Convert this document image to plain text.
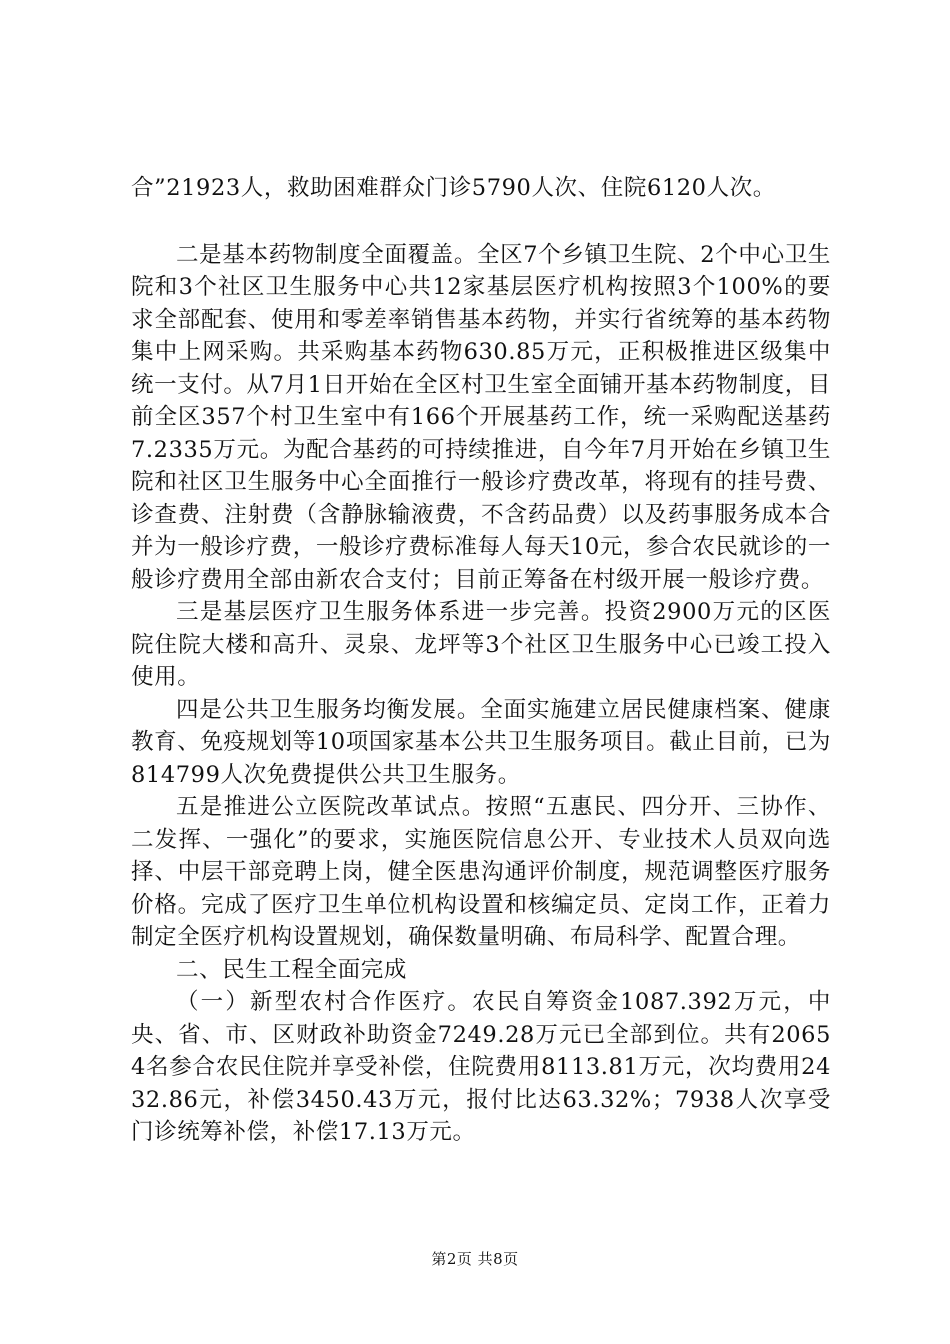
合”21923人，救助困难群众门诊5790人次、住院6120人次。

二是基本药物制度全面覆盖。全区7个乡镇卫生院、2个中心卫生院和3个社区卫生服务中心共12家基层医疗机构按照3个100%的要求全部配套、使用和零差率销售基本药物，并实行省统筹的基本药物集中上网采购。共采购基本药物630.85万元，正积极推进区级集中统一支付。从7月1日开始在全区村卫生室全面铺开基本药物制度，目前全区357个村卫生室中有166个开展基药工作，统一采购配送基药7.2335万元。为配合基药的可持续推进，自今年7月开始在乡镇卫生院和社区卫生服务中心全面推行一般诊疗费改革，将现有的挂号费、诊查费、注射费（含静脉输液费，不含药品费）以及药事服务成本合并为一般诊疗费，一般诊疗费标准每人每天10元，参合农民就诊的一般诊疗费用全部由新农合支付；目前正筹备在村级开展一般诊疗费。

三是基层医疗卫生服务体系进一步完善。投资2900万元的区医院住院大楼和高升、灵泉、龙坪等3个社区卫生服务中心已竣工投入使用。

四是公共卫生服务均衡发展。全面实施建立居民健康档案、健康教育、免疫规划等10项国家基本公共卫生服务项目。截止目前，已为814799人次免费提供公共卫生服务。

五是推进公立医院改革试点。按照“五惠民、四分开、三协作、二发挥、一强化”的要求，实施医院信息公开、专业技术人员双向选择、中层干部竞聘上岗，健全医患沟通评价制度，规范调整医疗服务价格。完成了医疗卫生单位机构设置和核编定员、定岗工作，正着力制定全医疗机构设置规划，确保数量明确、布局科学、配置合理。

二、民生工程全面完成

（一）新型农村合作医疗。农民自筹资金1087.392万元，中央、省、市、区财政补助资金7249.28万元已全部到位。共有20654名参合农民住院并享受补偿，住院费用8113.81万元，次均费用2432.86元，补偿3450.43万元，报付比达63.32%；7938人次享受门诊统筹补偿，补偿17.13万元。

第2页 共8页
